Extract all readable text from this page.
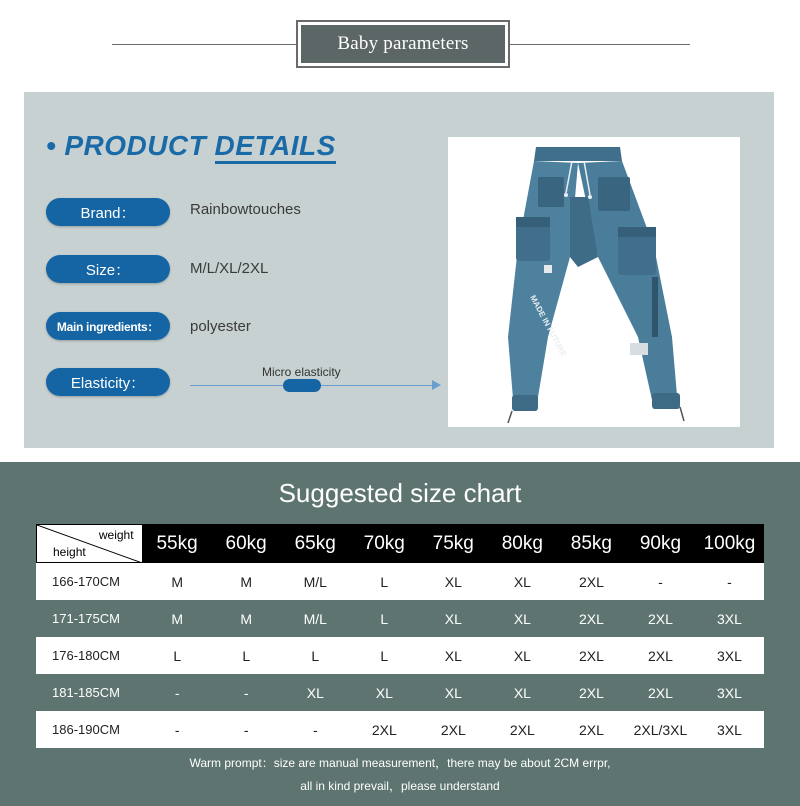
Baby parameters
• PRODUCT DETAILS
Brand：	Rainbowtouches
Size：	M/L/XL/2XL
Main ingredients：	polyester
Elasticity：
Micro elasticity
MADE IN FUTURE
Suggested size chart
weight
height	55kg	60kg	65kg	70kg	75kg	80kg	85kg	90kg	100kg
166-170CM	M	M	M/L	L	XL	XL	2XL	-	-
171-175CM	M	M	M/L	L	XL	XL	2XL	2XL	3XL
176-180CM	L	L	L	L	XL	XL	2XL	2XL	3XL
181-185CM	-	-	XL	XL	XL	XL	2XL	2XL	3XL
186-190CM	-	-	-	2XL	2XL	2XL	2XL	2XL/3XL	3XL
Warm prompt：size are manual measurement，there may be about 2CM errpr,
all in kind prevail，please understand
